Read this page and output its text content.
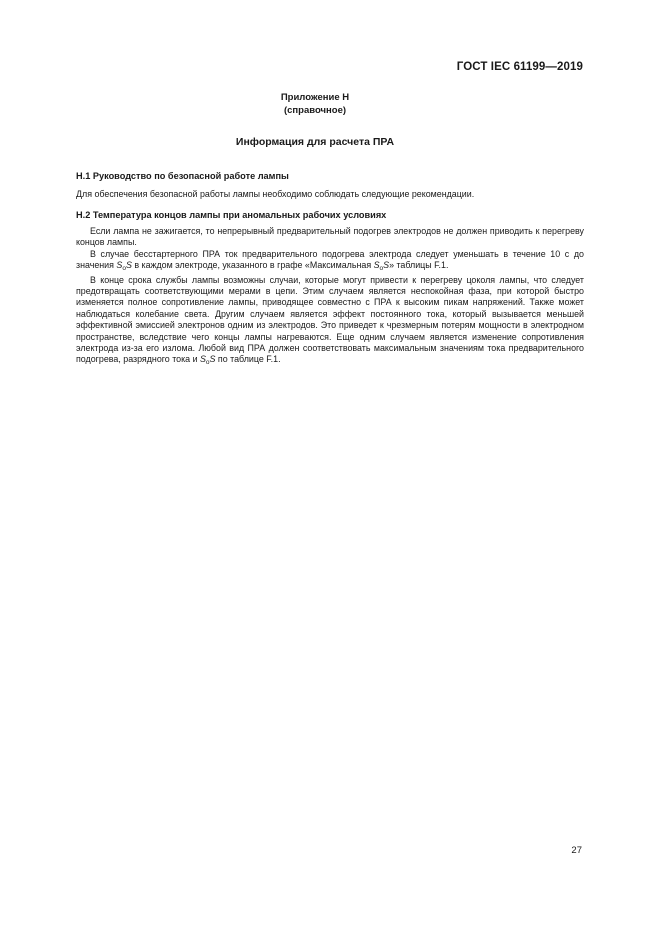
ГОСТ IEC 61199—2019
Приложение Н
(справочное)
Информация для расчета ПРА
Н.1 Руководство по безопасной работе лампы
Для обеспечения безопасной работы лампы необходимо соблюдать следующие рекомендации.
Н.2 Температура концов лампы при аномальных рабочих условиях

Если лампа не зажигается, то непрерывный предварительный подогрев электродов не должен приводить к перегреву концов лампы.

В случае бесстартерного ПРА ток предварительного подогрева электрода следует уменьшать в течение 10 с до значения $S_oS$ в каждом электроде, указанного в графе «Максимальная $S_oS$» таблицы F.1.

В конце срока службы лампы возможны случаи, которые могут привести к перегреву цоколя лампы, что следует предотвращать соответствующими мерами в цепи. Этим случаем является неспокойная фаза, при которой быстро изменяется полное сопротивление лампы, приводящее совместно с ПРА к высоким пикам напряжений. Также может наблюдаться колебание света. Другим случаем является эффект постоянного тока, который вызывается меньшей эффективной эмиссией электронов одним из электродов. Это приведет к чрезмерным потерям мощности в электродном пространстве, вследствие чего концы лампы нагреваются. Еще одним случаем является изменение сопротивления электрода из-за его излома. Любой вид ПРА должен соответствовать максимальным значениям тока предварительного подогрева, разрядного тока и $S_oS$ по таблице F.1.

27
